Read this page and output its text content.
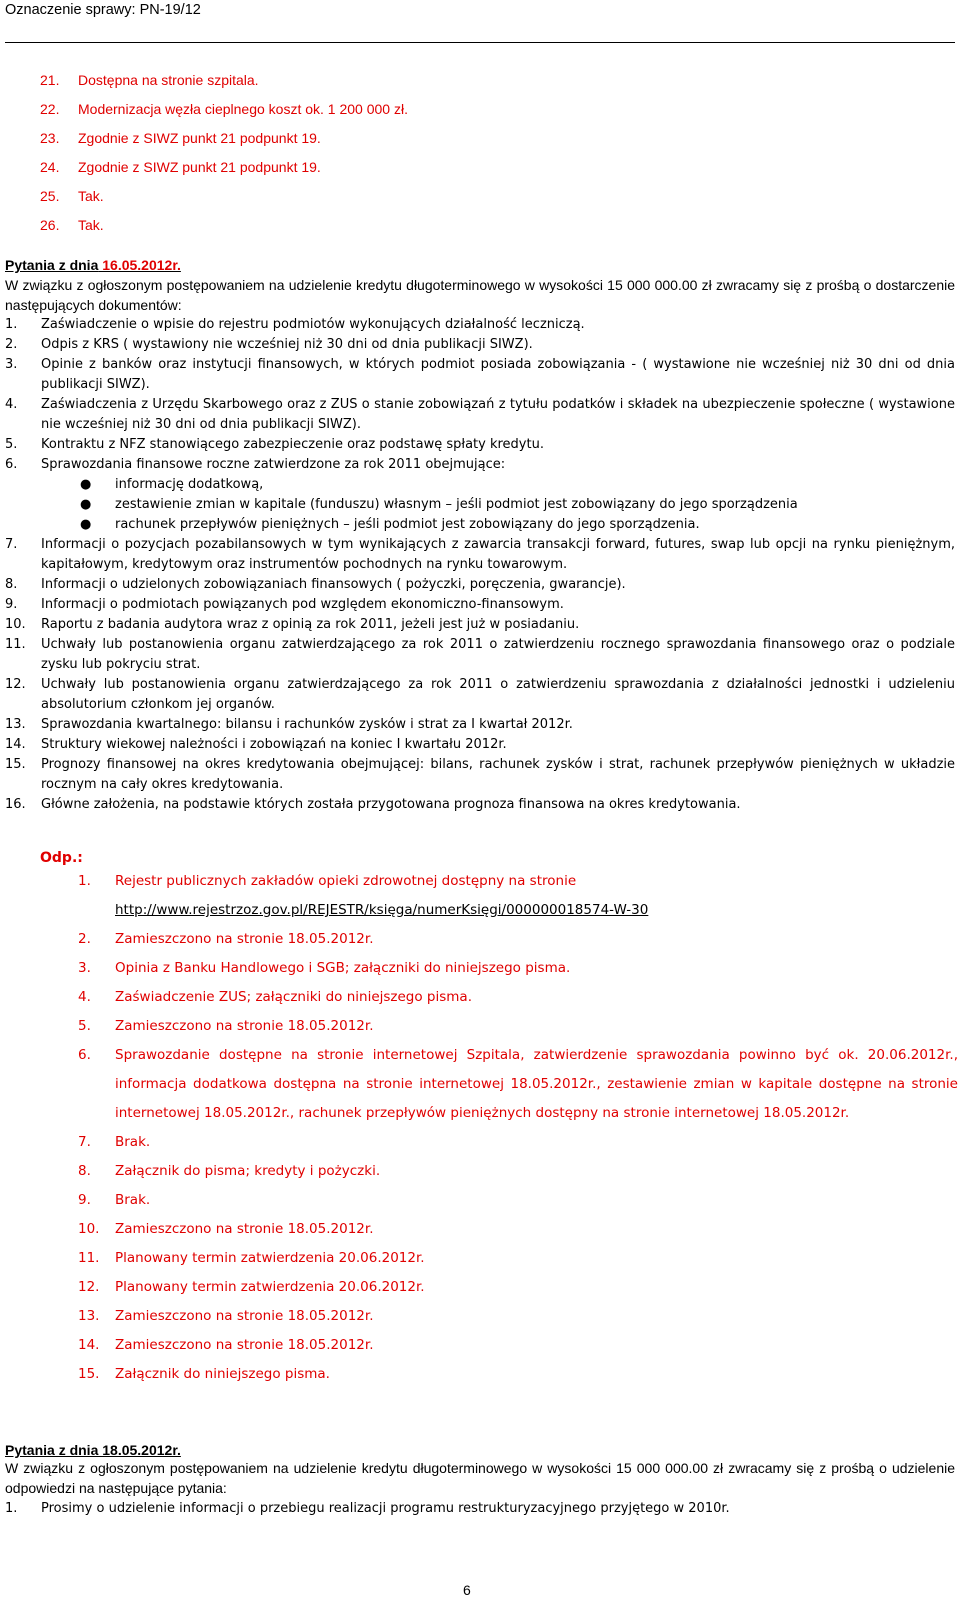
Oznaczenie sprawy: PN-19/12
21. Dostępna na stronie szpitala.
22. Modernizacja węzła cieplnego koszt ok. 1 200 000 zł.
23. Zgodnie z SIWZ punkt 21 podpunkt 19.
24. Zgodnie z SIWZ punkt 21 podpunkt 19.
25. Tak.
26. Tak.
Pytania z dnia 16.05.2012r.
W związku z ogłoszonym postępowaniem na udzielenie kredytu długoterminowego w wysokości 15 000 000.00 zł zwracamy się z prośbą o dostarczenie następujących dokumentów:
1. Zaświadczenie o wpisie do rejestru podmiotów wykonujących działalność leczniczą.
2. Odpis z KRS ( wystawiony nie wcześniej niż 30 dni od dnia publikacji SIWZ).
3. Opinie z banków oraz instytucji finansowych, w których podmiot posiada zobowiązania - ( wystawione nie wcześniej niż 30 dni od dnia publikacji SIWZ).
4. Zaświadczenia z Urzędu Skarbowego oraz z ZUS o stanie zobowiązań z tytułu podatków i składek na ubezpieczenie społeczne ( wystawione nie wcześniej niż 30 dni od dnia publikacji SIWZ).
5. Kontraktu z NFZ stanowiącego zabezpieczenie oraz podstawę spłaty kredytu.
6. Sprawozdania finansowe roczne zatwierdzone za rok 2011 obejmujące:
● informację dodatkową,
● zestawienie zmian w kapitale (funduszu) własnym – jeśli podmiot jest zobowiązany do jego sporządzenia
● rachunek przepływów pieniężnych – jeśli podmiot jest zobowiązany do jego sporządzenia.
7. Informacji o pozycjach pozabilansowych w tym wynikających z zawarcia transakcji forward, futures, swap lub opcji na rynku pieniężnym, kapitałowym, kredytowym oraz instrumentów pochodnych na rynku towarowym.
8. Informacji o udzielonych zobowiązaniach finansowych ( pożyczki, poręczenia, gwarancje).
9. Informacji o podmiotach powiązanych pod względem ekonomiczno-finansowym.
10. Raportu z badania audytora wraz z opinią za rok 2011, jeżeli jest już w posiadaniu.
11. Uchwały lub postanowienia organu zatwierdzającego za rok 2011 o zatwierdzeniu rocznego sprawozdania finansowego oraz o podziale zysku lub pokryciu strat.
12. Uchwały lub postanowienia organu zatwierdzającego za rok 2011 o zatwierdzeniu sprawozdania z działalności jednostki i udzieleniu absolutorium członkom jej organów.
13. Sprawozdania kwartalnego: bilansu i rachunków zysków i strat za I kwartał 2012r.
14. Struktury wiekowej należności i zobowiązań na koniec I kwartału 2012r.
15. Prognozy finansowej na okres kredytowania obejmującej: bilans, rachunek zysków i strat, rachunek przepływów pieniężnych w układzie rocznym na cały okres kredytowania.
16. Główne założenia, na podstawie których została przygotowana prognoza finansowa na okres kredytowania.
Odp.:
1. Rejestr publicznych zakładów opieki zdrowotnej dostępny na stronie
http://www.rejestrzoz.gov.pl/REJESTR/księga/numerKsięgi/000000018574-W-30
2. Zamieszczono na stronie 18.05.2012r.
3. Opinia z Banku Handlowego i SGB; załączniki do niniejszego pisma.
4. Zaświadczenie ZUS; załączniki do niniejszego pisma.
5. Zamieszczono na stronie 18.05.2012r.
6. Sprawozdanie dostępne na stronie internetowej Szpitala, zatwierdzenie sprawozdania powinno być ok. 20.06.2012r., informacja dodatkowa dostępna na stronie internetowej 18.05.2012r., zestawienie zmian w kapitale dostępne na stronie internetowej 18.05.2012r., rachunek przepływów pieniężnych dostępny na stronie internetowej 18.05.2012r.
7. Brak.
8. Załącznik do pisma; kredyty i pożyczki.
9. Brak.
10. Zamieszczono na stronie 18.05.2012r.
11. Planowany termin zatwierdzenia 20.06.2012r.
12. Planowany termin zatwierdzenia 20.06.2012r.
13. Zamieszczono na stronie 18.05.2012r.
14. Zamieszczono na stronie 18.05.2012r.
15. Załącznik do niniejszego pisma.
Pytania z dnia 18.05.2012r.
W związku z ogłoszonym postępowaniem na udzielenie kredytu długoterminowego w wysokości 15 000 000.00 zł zwracamy się z prośbą o udzielenie odpowiedzi na następujące pytania:
1. Prosimy o udzielenie informacji o przebiegu realizacji programu restrukturyzacyjnego przyjętego w 2010r.
6
